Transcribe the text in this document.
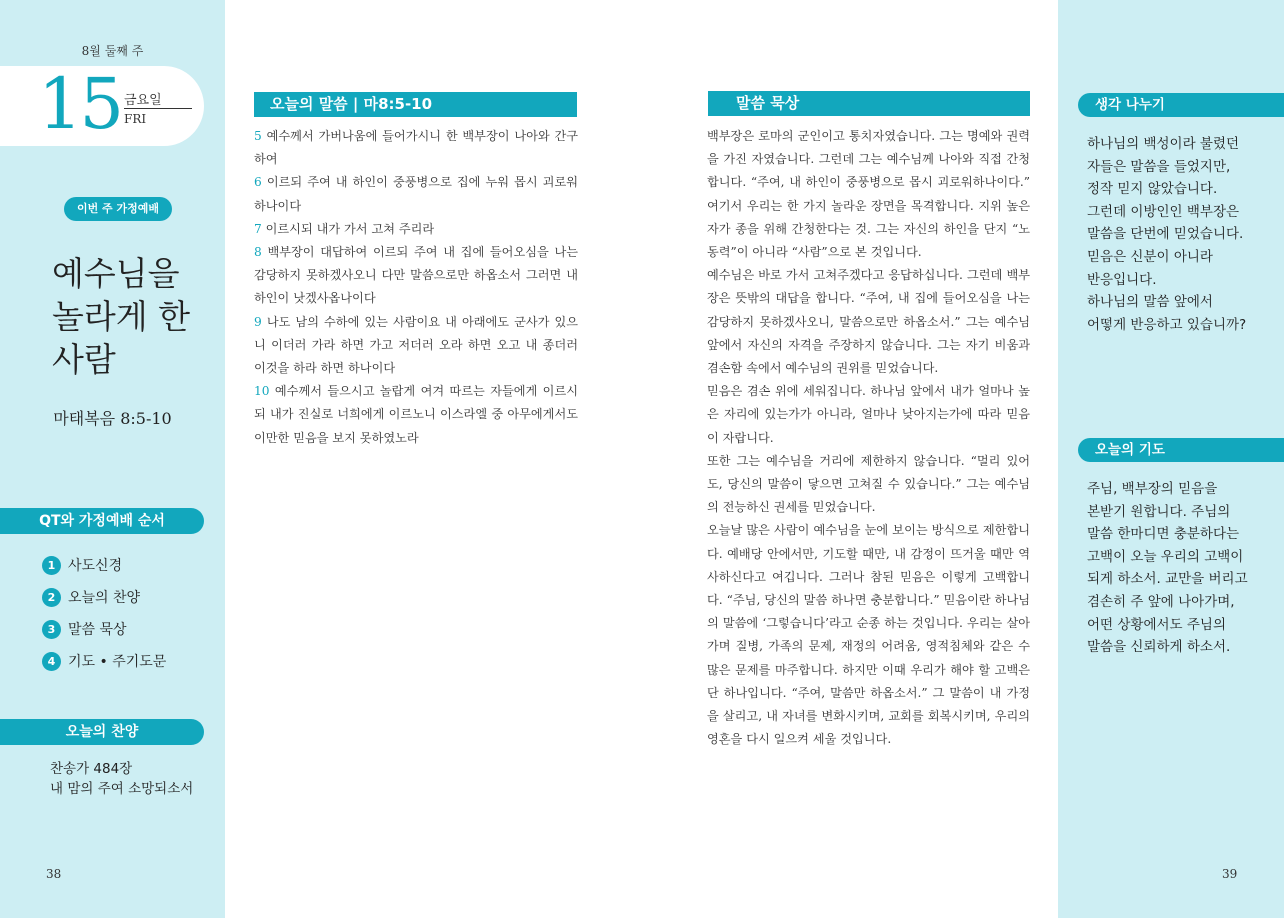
8월 둘째 주
15 금요일
FRI
이번 주 가정예배
예수님을
놀라게 한
사람
마태복음 8:5-10
QT와 가정예배 순서
1 사도신경
2 오늘의 찬양
3 말씀 묵상
4 기도 • 주기도문
오늘의 찬양
찬송가 484장
내 맘의 주여 소망되소서
38
오늘의 말씀 | 마8:5-10
5 예수께서 가버나움에 들어가시니 한 백부장이 나아와 간구하여
6 이르되 주여 내 하인이 중풍병으로 집에 누워 몹시 괴로워하나이다
7 이르시되 내가 가서 고쳐 주리라
8 백부장이 대답하여 이르되 주여 내 집에 들어오심을 나는 감당하지 못하겠사오니 다만 말씀으로만 하옵소서 그러면 내 하인이 낫겠사옵나이다
9 나도 남의 수하에 있는 사람이요 내 아래에도 군사가 있으니 이더러 가라 하면 가고 저더러 오라 하면 오고 내 종더러 이것을 하라 하면 하나이다
10 예수께서 들으시고 놀랍게 여겨 따르는 자들에게 이르시되 내가 진실로 너희에게 이르노니 이스라엘 중 아무에게서도 이만한 믿음을 보지 못하였노라
말씀 묵상
백부장은 로마의 군인이고 통치자였습니다. 그는 명예와 권력을 가진 자였습니다. 그런데 그는 예수님께 나아와 직접 간청합니다. “주여, 내 하인이 중풍병으로 몹시 괴로워하나이다.” 여기서 우리는 한 가지 놀라운 장면을 목격합니다. 지위 높은 자가 종을 위해 간청한다는 것. 그는 자신의 하인을 단지 “노동력”이 아니라 “사람”으로 본 것입니다.
예수님은 바로 가서 고쳐주겠다고 응답하십니다. 그런데 백부장은 뜻밖의 대답을 합니다. “주여, 내 집에 들어오심을 나는 감당하지 못하겠사오니, 말씀으로만 하옵소서.” 그는 예수님 앞에서 자신의 자격을 주장하지 않습니다. 그는 자기 비움과 겸손함 속에서 예수님의 권위를 믿었습니다.
믿음은 겸손 위에 세워집니다. 하나님 앞에서 내가 얼마나 높은 자리에 있는가가 아니라, 얼마나 낮아지는가에 따라 믿음이 자랍니다.
또한 그는 예수님을 거리에 제한하지 않습니다. “멀리 있어도, 당신의 말씀이 닿으면 고쳐질 수 있습니다.” 그는 예수님의 전능하신 권세를 믿었습니다.
오늘날 많은 사람이 예수님을 눈에 보이는 방식으로 제한합니다. 예배당 안에서만, 기도할 때만, 내 감정이 뜨거울 때만 역사하신다고 여깁니다. 그러나 참된 믿음은 이렇게 고백합니다. “주님, 당신의 말씀 하나면 충분합니다.” 믿음이란 하나님의 말씀에 ‘그렇습니다’라고 순종 하는 것입니다. 우리는 살아가며 질병, 가족의 문제, 재정의 어려움, 영적침체와 같은 수많은 문제를 마주합니다. 하지만 이때 우리가 해야 할 고백은 단 하나입니다. “주여, 말씀만 하옵소서.” 그 말씀이 내 가정을 살리고, 내 자녀를 변화시키며, 교회를 회복시키며, 우리의 영혼을 다시 일으켜 세울 것입니다.
39
생각 나누기
하나님의 백성이라 불렸던
자들은 말씀을 들었지만,
정작 믿지 않았습니다.
그런데 이방인인 백부장은
말씀을 단번에 믿었습니다.
믿음은 신분이 아니라
반응입니다.
하나님의 말씀 앞에서
어떻게 반응하고 있습니까?
오늘의 기도
주님, 백부장의 믿음을
본받기 원합니다. 주님의
말씀 한마디면 충분하다는
고백이 오늘 우리의 고백이
되게 하소서. 교만을 버리고
겸손히 주 앞에 나아가며,
어떤 상황에서도 주님의
말씀을 신뢰하게 하소서.
